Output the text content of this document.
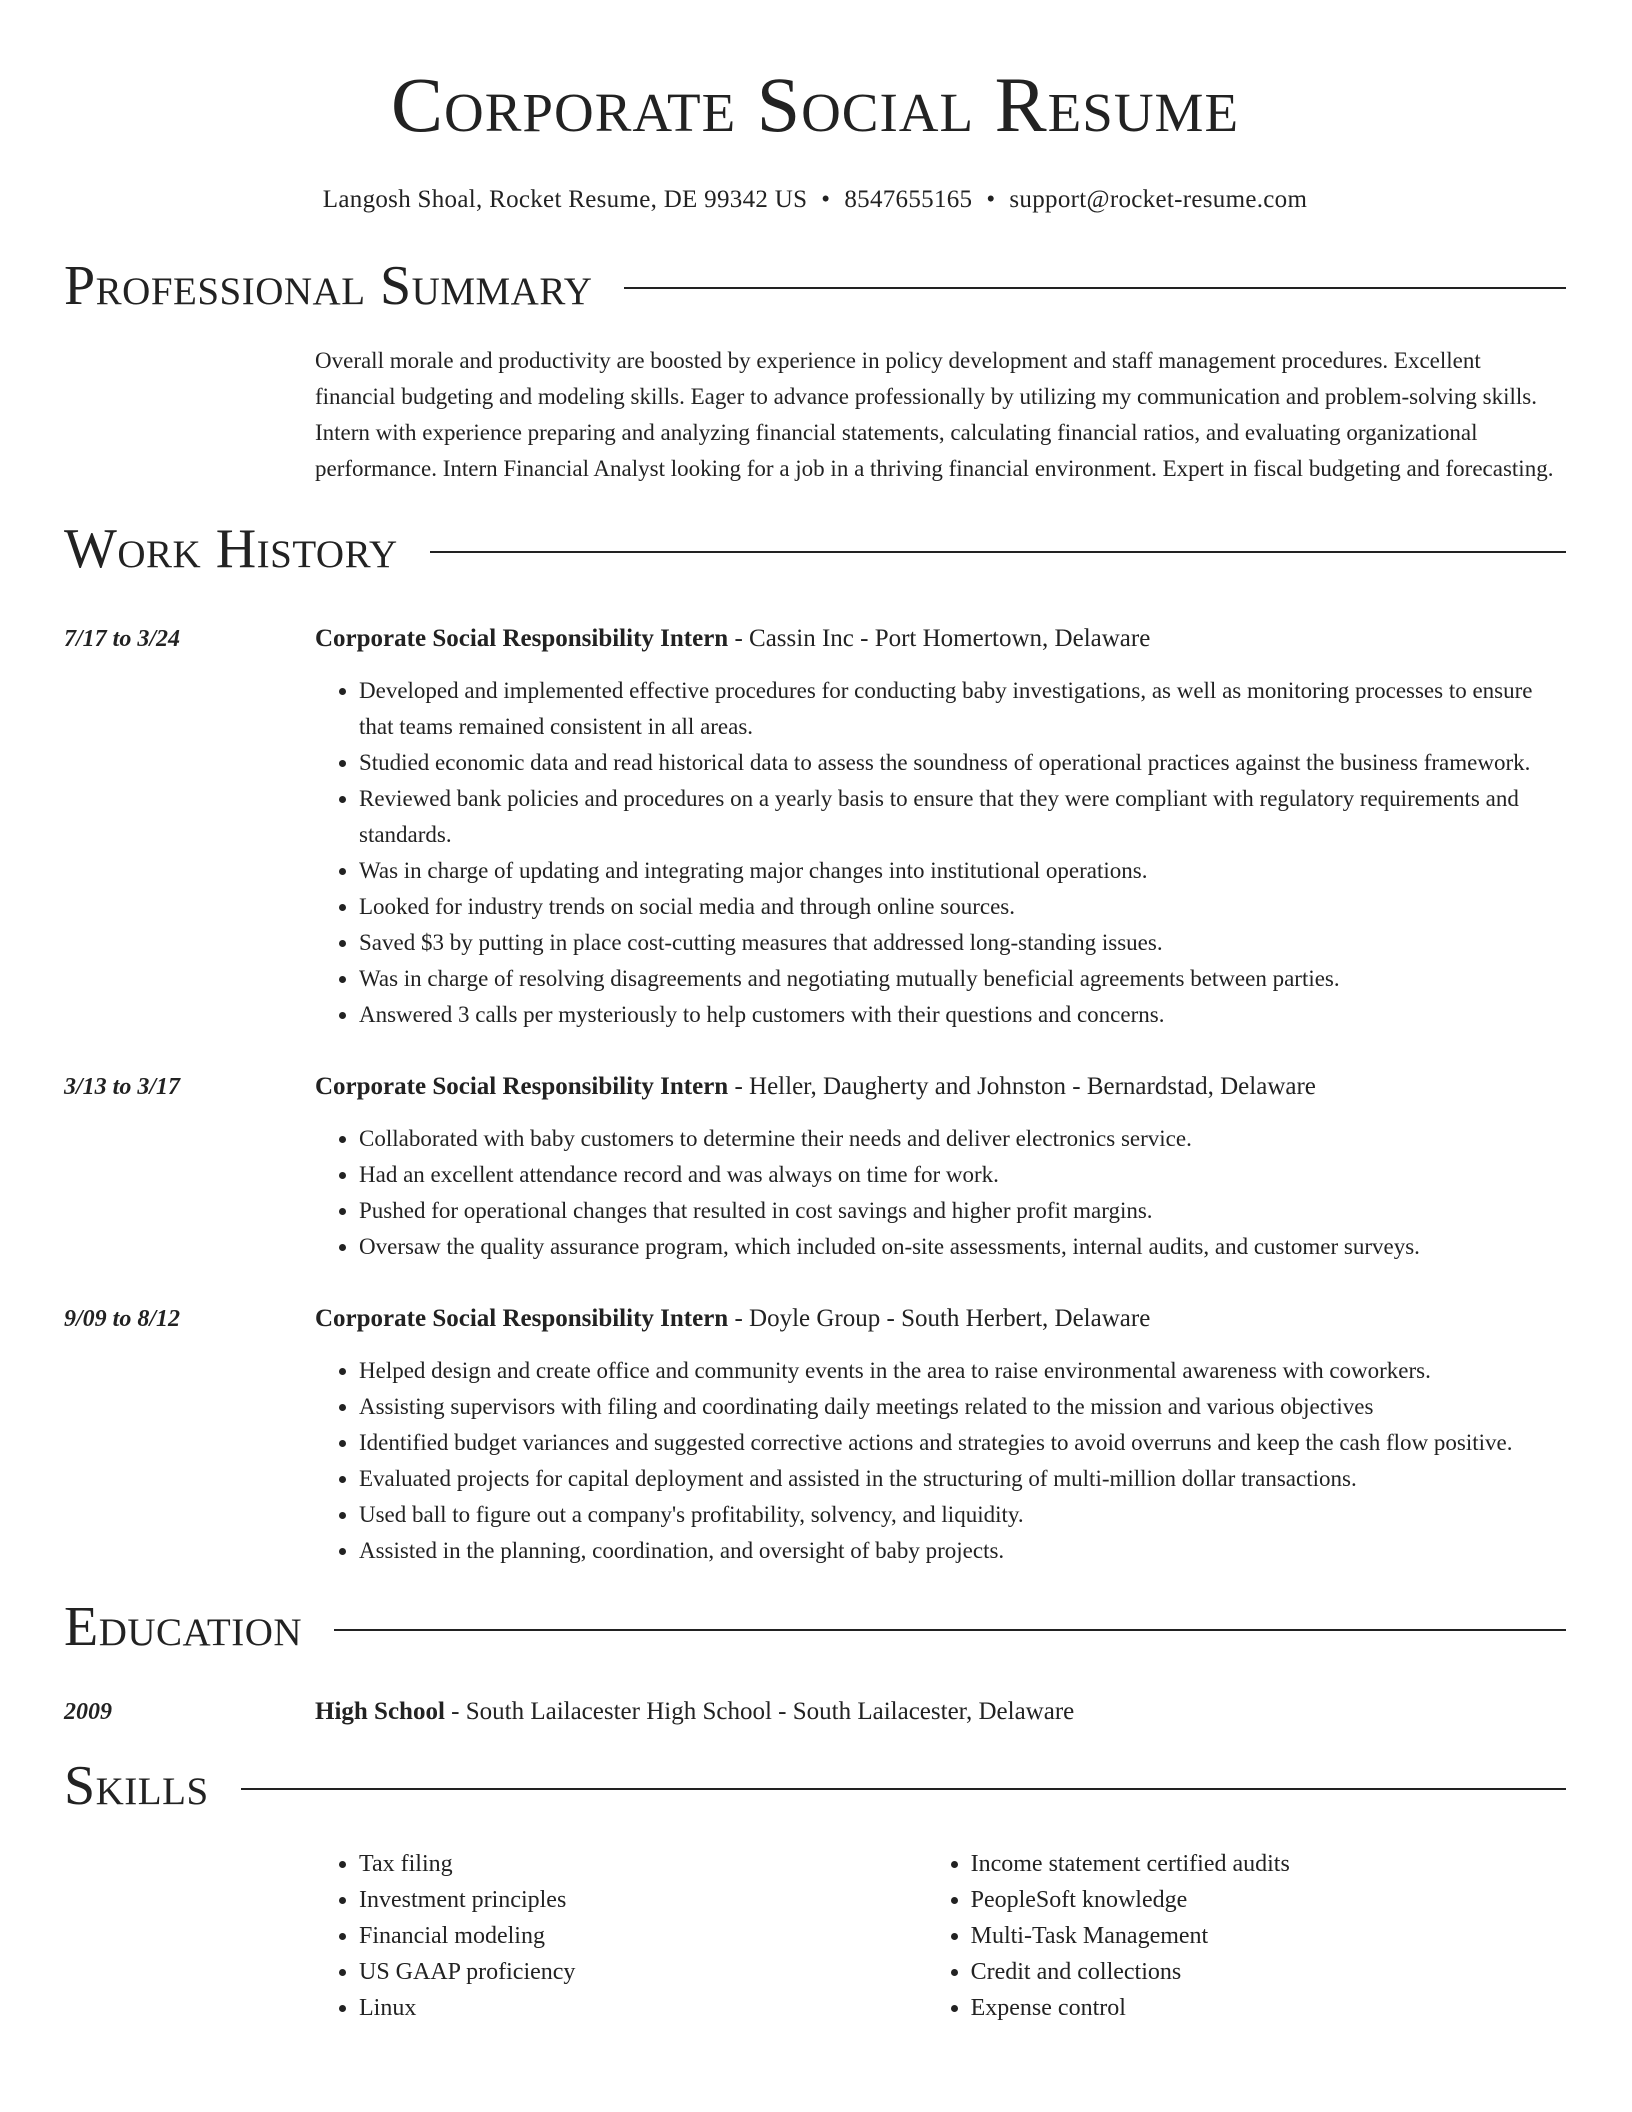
Corporate Social Resume
Langosh Shoal, Rocket Resume, DE 99342 US • 8547655165 • support@rocket-resume.com
Professional Summary
Overall morale and productivity are boosted by experience in policy development and staff management procedures. Excellent financial budgeting and modeling skills. Eager to advance professionally by utilizing my communication and problem-solving skills. Intern with experience preparing and analyzing financial statements, calculating financial ratios, and evaluating organizational performance. Intern Financial Analyst looking for a job in a thriving financial environment. Expert in fiscal budgeting and forecasting.
Work History
7/17 to 3/24	Corporate Social Responsibility Intern - Cassin Inc - Port Homertown, Delaware
• Developed and implemented effective procedures for conducting baby investigations, as well as monitoring processes to ensure that teams remained consistent in all areas.
• Studied economic data and read historical data to assess the soundness of operational practices against the business framework.
• Reviewed bank policies and procedures on a yearly basis to ensure that they were compliant with regulatory requirements and standards.
• Was in charge of updating and integrating major changes into institutional operations.
• Looked for industry trends on social media and through online sources.
• Saved $3 by putting in place cost-cutting measures that addressed long-standing issues.
• Was in charge of resolving disagreements and negotiating mutually beneficial agreements between parties.
• Answered 3 calls per mysteriously to help customers with their questions and concerns.
3/13 to 3/17	Corporate Social Responsibility Intern - Heller, Daugherty and Johnston - Bernardstad, Delaware
• Collaborated with baby customers to determine their needs and deliver electronics service.
• Had an excellent attendance record and was always on time for work.
• Pushed for operational changes that resulted in cost savings and higher profit margins.
• Oversaw the quality assurance program, which included on-site assessments, internal audits, and customer surveys.
9/09 to 8/12	Corporate Social Responsibility Intern - Doyle Group - South Herbert, Delaware
• Helped design and create office and community events in the area to raise environmental awareness with coworkers.
• Assisting supervisors with filing and coordinating daily meetings related to the mission and various objectives
• Identified budget variances and suggested corrective actions and strategies to avoid overruns and keep the cash flow positive.
• Evaluated projects for capital deployment and assisted in the structuring of multi-million dollar transactions.
• Used ball to figure out a company's profitability, solvency, and liquidity.
• Assisted in the planning, coordination, and oversight of baby projects.
Education
2009	High School - South Lailacester High School - South Lailacester, Delaware
Skills
• Tax filing
• Investment principles
• Financial modeling
• US GAAP proficiency
• Linux
• Income statement certified audits
• PeopleSoft knowledge
• Multi-Task Management
• Credit and collections
• Expense control
